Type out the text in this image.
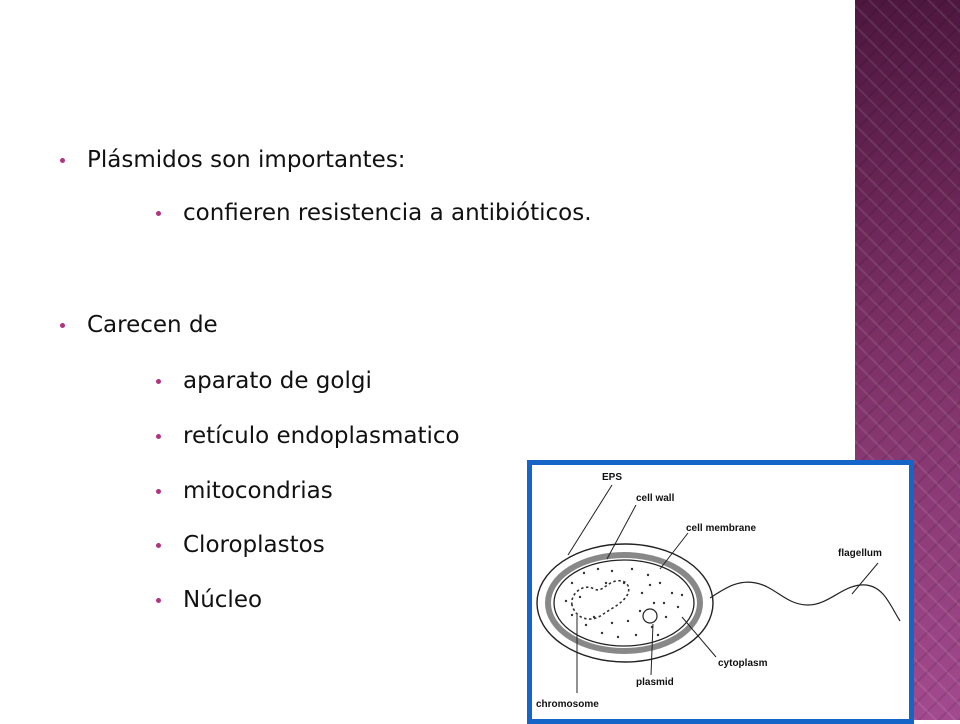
Plásmidos son importantes:
confieren resistencia a antibióticos.
Carecen de
aparato de golgi
retículo endoplasmatico
mitocondrias
Cloroplastos
Núcleo
EPS
cell wall
cell membrane
flagellum
cytoplasm
plasmid
chromosome
